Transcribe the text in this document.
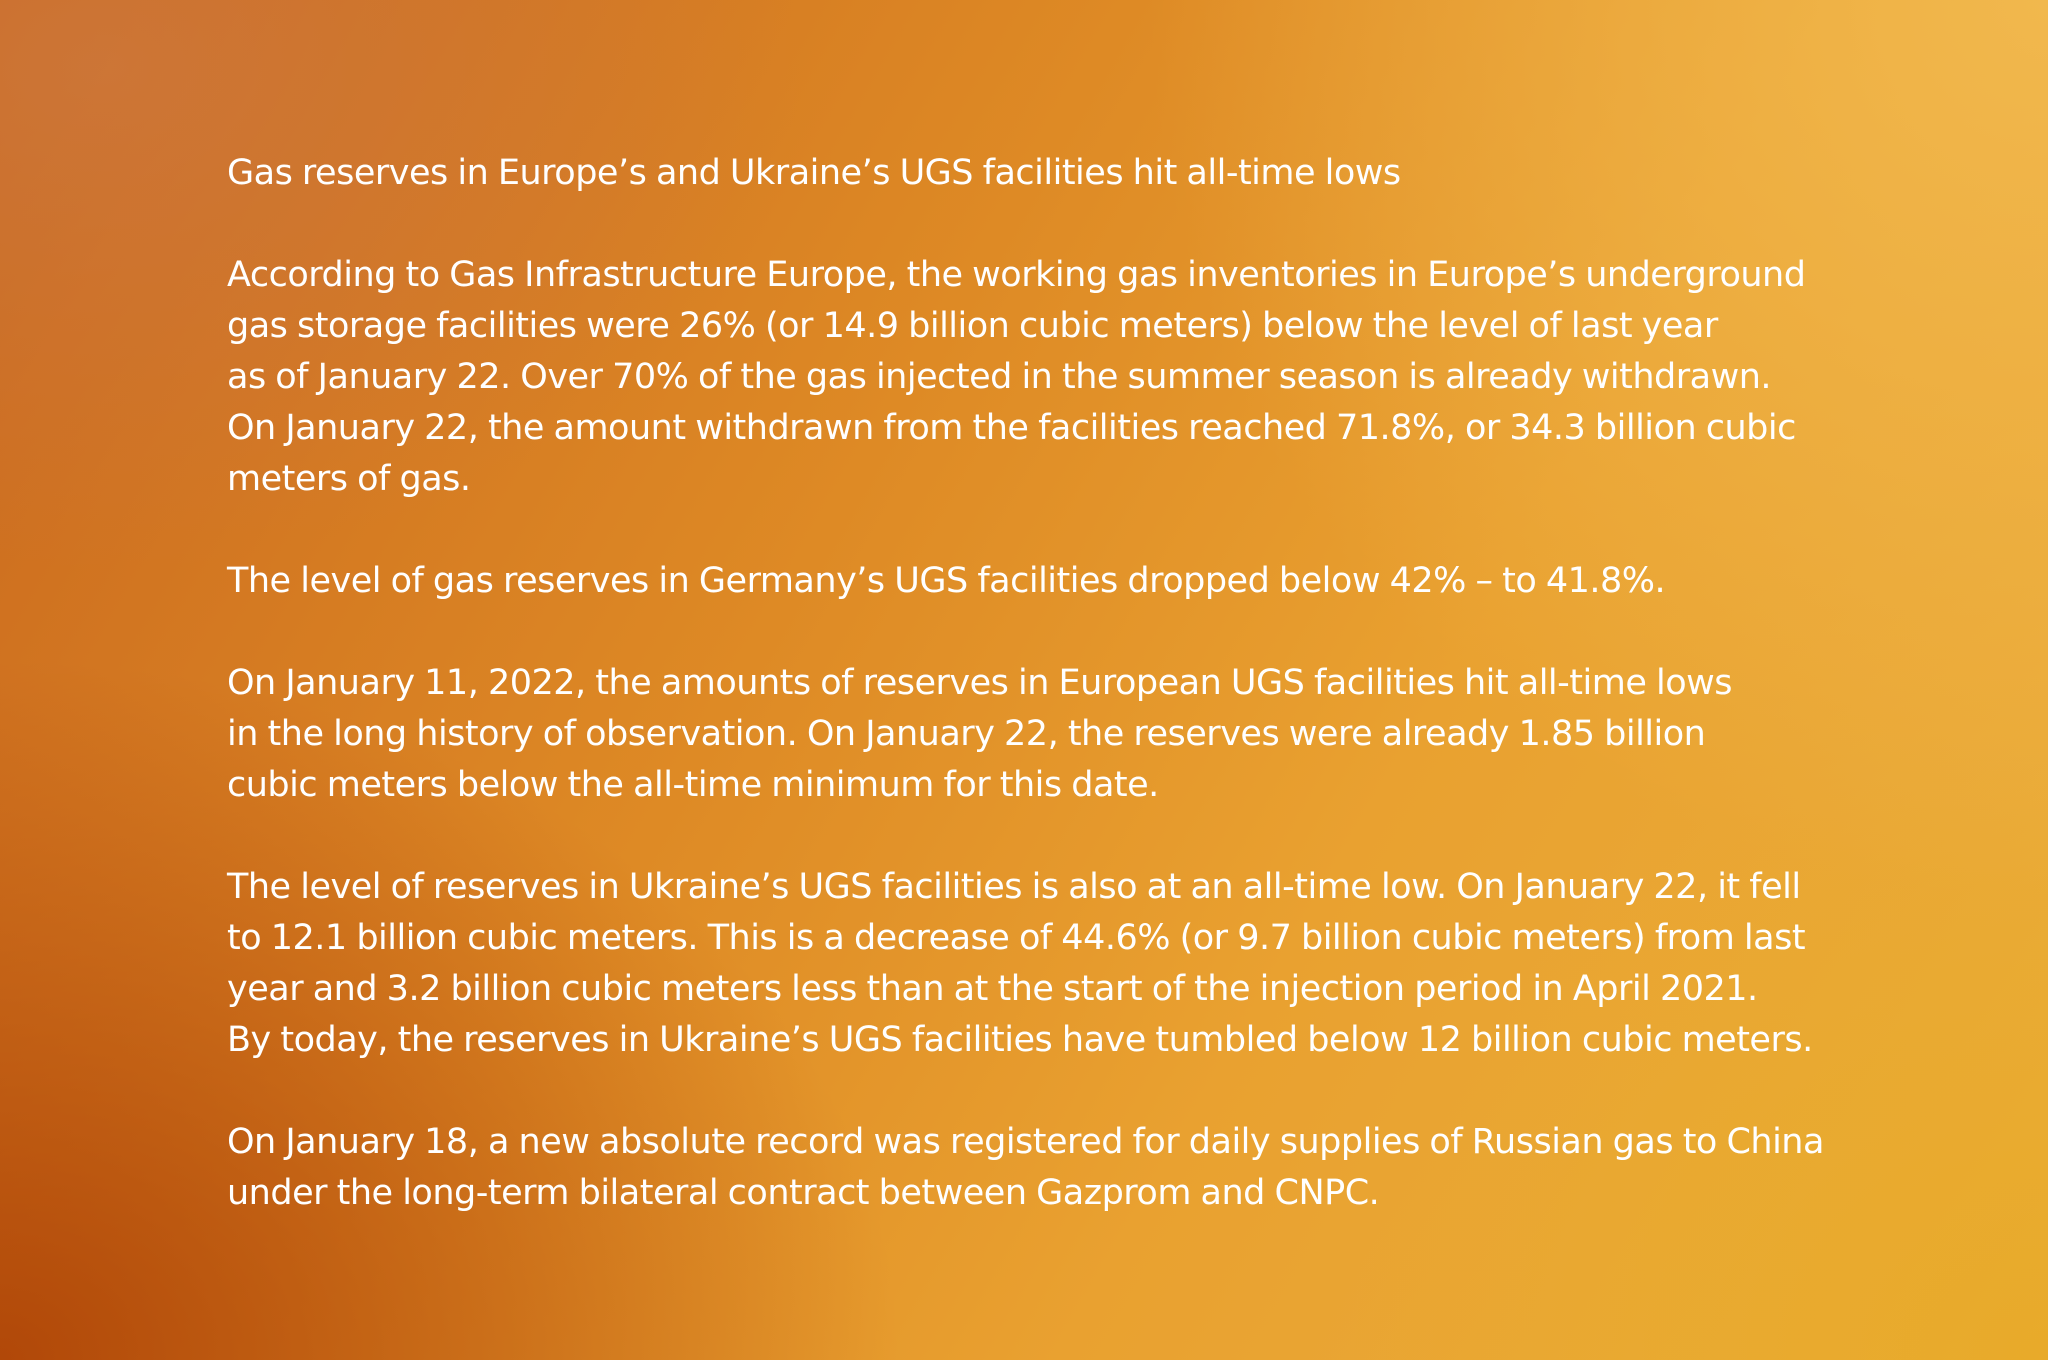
Gas reserves in Europe’s and Ukraine’s UGS facilities hit all-time lows

According to Gas Infrastructure Europe, the working gas inventories in Europe’s underground
gas storage facilities were 26% (or 14.9 billion cubic meters) below the level of last year
as of January 22. Over 70% of the gas injected in the summer season is already withdrawn.
On January 22, the amount withdrawn from the facilities reached 71.8%, or 34.3 billion cubic
meters of gas.

The level of gas reserves in Germany’s UGS facilities dropped below 42% – to 41.8%.

On January 11, 2022, the amounts of reserves in European UGS facilities hit all-time lows
in the long history of observation. On January 22, the reserves were already 1.85 billion
cubic meters below the all-time minimum for this date.

The level of reserves in Ukraine’s UGS facilities is also at an all-time low. On January 22, it fell
to 12.1 billion cubic meters. This is a decrease of 44.6% (or 9.7 billion cubic meters) from last
year and 3.2 billion cubic meters less than at the start of the injection period in April 2021.
By today, the reserves in Ukraine’s UGS facilities have tumbled below 12 billion cubic meters.

On January 18, a new absolute record was registered for daily supplies of Russian gas to China
under the long-term bilateral contract between Gazprom and CNPC.
